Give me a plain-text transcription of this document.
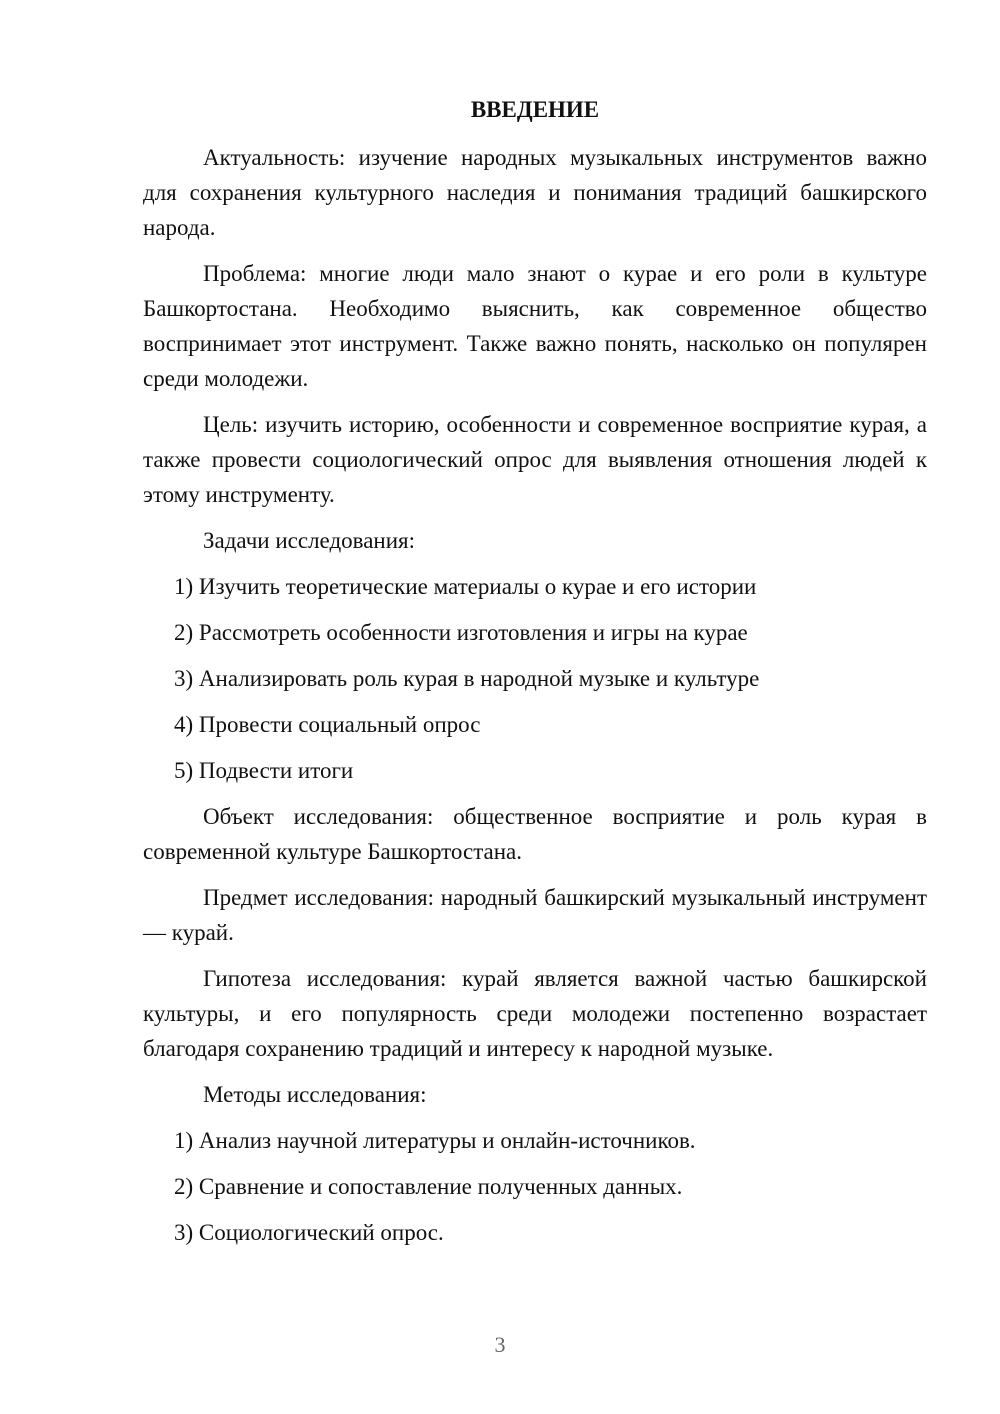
ВВЕДЕНИЕ

Актуальность: изучение народных музыкальных инструментов важно для сохранения культурного наследия и понимания традиций башкирского народа.

Проблема: многие люди мало знают о курае и его роли в культуре Башкортостана. Необходимо выяснить, как современное общество воспринимает этот инструмент. Также важно понять, насколько он популярен среди молодежи.

Цель: изучить историю, особенности и современное восприятие курая, а также провести социологический опрос для выявления отношения людей к этому инструменту.

Задачи исследования:

1) Изучить теоретические материалы о курае и его истории
2) Рассмотреть особенности изготовления и игры на курае
3) Анализировать роль курая в народной музыке и культуре
4) Провести социальный опрос
5) Подвести итоги

Объект исследования: общественное восприятие и роль курая в современной культуре Башкортостана.

Предмет исследования: народный башкирский музыкальный инструмент — курай.

Гипотеза исследования: курай является важной частью башкирской культуры, и его популярность среди молодежи постепенно возрастает благодаря сохранению традиций и интересу к народной музыке.

Методы исследования:

1) Анализ научной литературы и онлайн-источников.
2) Сравнение и сопоставление полученных данных.
3) Социологический опрос.
3
